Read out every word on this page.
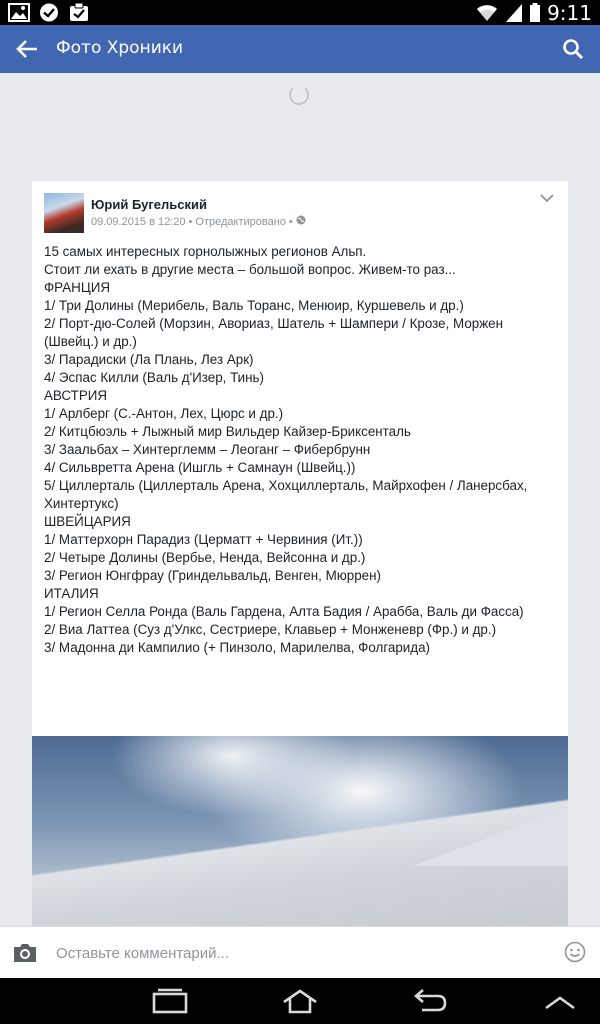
9:11
Фото Хроники
Юрий Бугельский
09.09.2015 в 12:20 • Отредактировано •

15 самых интересных горнолыжных регионов Альп.

Стоит ли ехать в другие места – большой вопрос. Живем-то раз...

ФРАНЦИЯ

1/ Три Долины (Мерибель, Валь Торанс, Менюир, Куршевель и др.)

2/ Порт-дю-Солей (Морзин, Авориаз, Шатель + Шампери / Крозе, Моржен (Швейц.) и др.)

3/ Парадиски (Ла Плань, Лез Арк)

4/ Эспас Килли (Валь д'Изер, Тинь)

АВСТРИЯ

1/ Арлберг (С.-Антон, Лех, Цюрс и др.)

2/ Китцбюэль + Лыжный мир Вильдер Кайзер-Бриксенталь

3/ Заальбах – Хинтерглемм – Леоганг – Фибербрунн

4/ Сильвретта Арена (Ишгль + Самнаун (Швейц.))

5/ Циллерталь (Циллерталь Арена, Хохциллерталь, Майрхофен / Ланерсбах, Хинтертукс)

ШВЕЙЦАРИЯ

1/ Маттерхорн Парадиз (Церматт + Червиния (Ит.))

2/ Четыре Долины (Вербье, Ненда, Вейсонна и др.)

3/ Регион Юнгфрау (Гриндельвальд, Венген, Мюррен)

ИТАЛИЯ

1/ Регион Селла Ронда (Валь Гардена, Алта Бадия / Арабба, Валь ди Фасса)

2/ Виа Латтеа (Суз д'Улкс, Сестриере, Клавьер + Монженевр (Фр.) и др.)

3/ Мадонна ди Кампилио (+ Пинзоло, Марилелва, Фолгарида)

Оставьте комментарий...
